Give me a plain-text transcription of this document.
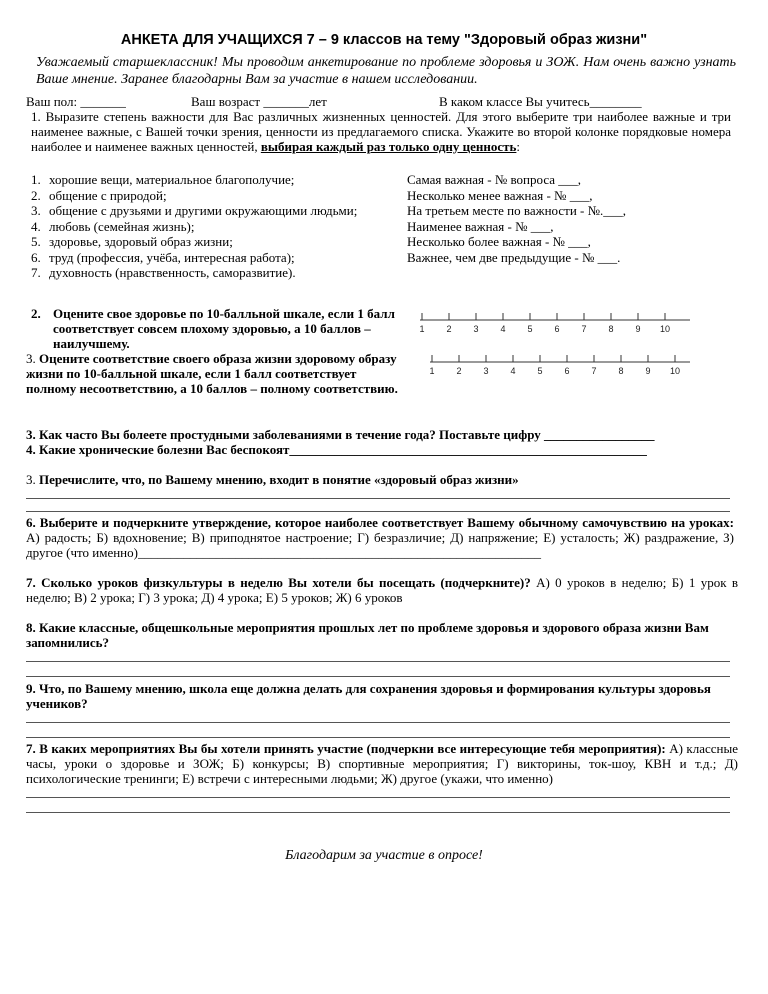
АНКЕТА ДЛЯ УЧАЩИХСЯ 7 – 9 классов на тему "Здоровый образ жизни"
Уважаемый старшеклассник! Мы проводим анкетирование по проблеме здоровья и ЗОЖ. Нам очень важно узнать Ваше мнение. Заранее благодарны Вам за участие в нашем исследовании.
Ваш пол: _______	Ваш возраст _______лет	В каком классе Вы учитесь________
1. Выразите степень важности для Вас различных жизненных ценностей. Для этого выберите три наиболее важные и три наименее важные, с Вашей точки зрения, ценности из предлагаемого списка. Укажите во второй колонке порядковые номера наиболее и наименее важных ценностей, выбирая каждый раз только одну ценность:
1. хорошие вещи, материальное благополучие;
2. общение с природой;
3. общение с друзьями и другими окружающими людьми;
4. любовь (семейная жизнь);
5. здоровье, здоровый образ жизни;
6. труд (профессия, учёба, интересная работа);
7. духовность (нравственность, саморазвитие).
Самая важная - № вопроса ___,
Несколько менее важная - № ___,
На третьем месте по важности - №.___,
Наименее важная - № ___,
Несколько более важная - № ___,
Важнее, чем две предыдущие - № ___.
2. Оцените свое здоровье по 10-балльной шкале, если 1 балл соответствует совсем плохому здоровью, а 10 баллов – наилучшему.
1 2 3 4 5 6 7 8 9 10
3. Оцените соответствие своего образа жизни здоровому образу жизни по 10-балльной шкале, если 1 балл соответствует полному несоответствию, а 10 баллов – полному соответствию.
1 2 3 4 5 6 7 8 9 10
3. Как часто Вы болеете простудными заболеваниями в течение года? Поставьте цифру _________________
4. Какие хронические болезни Вас беспокоят_______________________________________________________
3. Перечислите, что, по Вашему мнению, входит в понятие «здоровый образ жизни»
6. Выберите и подчеркните утверждение, которое наиболее соответствует Вашему обычному самочувствию на уроках: А) радость; Б) вдохновение; В) приподнятое настроение; Г) безразличие; Д) напряжение; Е) усталость; Ж) раздражение, З) другое (что именно)______________________________________________________________
7. Сколько уроков физкультуры в неделю Вы хотели бы посещать (подчеркните)? А) 0 уроков в неделю; Б) 1 урок в неделю; В) 2 урока; Г) 3 урока; Д) 4 урока; Е) 5 уроков; Ж) 6 уроков
8. Какие классные, общешкольные мероприятия прошлых лет по проблеме здоровья и здорового образа жизни Вам запомнились?
9. Что, по Вашему мнению, школа еще должна делать для сохранения здоровья и формирования культуры здоровья учеников?
7. В каких мероприятиях Вы бы хотели принять участие (подчеркни все интересующие тебя мероприятия): А) классные часы, уроки о здоровье и ЗОЖ; Б) конкурсы; В) спортивные мероприятия; Г) викторины, ток-шоу, КВН и т.д.; Д) психологические тренинги; Е) встречи с интересными людьми; Ж) другое (укажи, что именно)
Благодарим за участие в опросе!
